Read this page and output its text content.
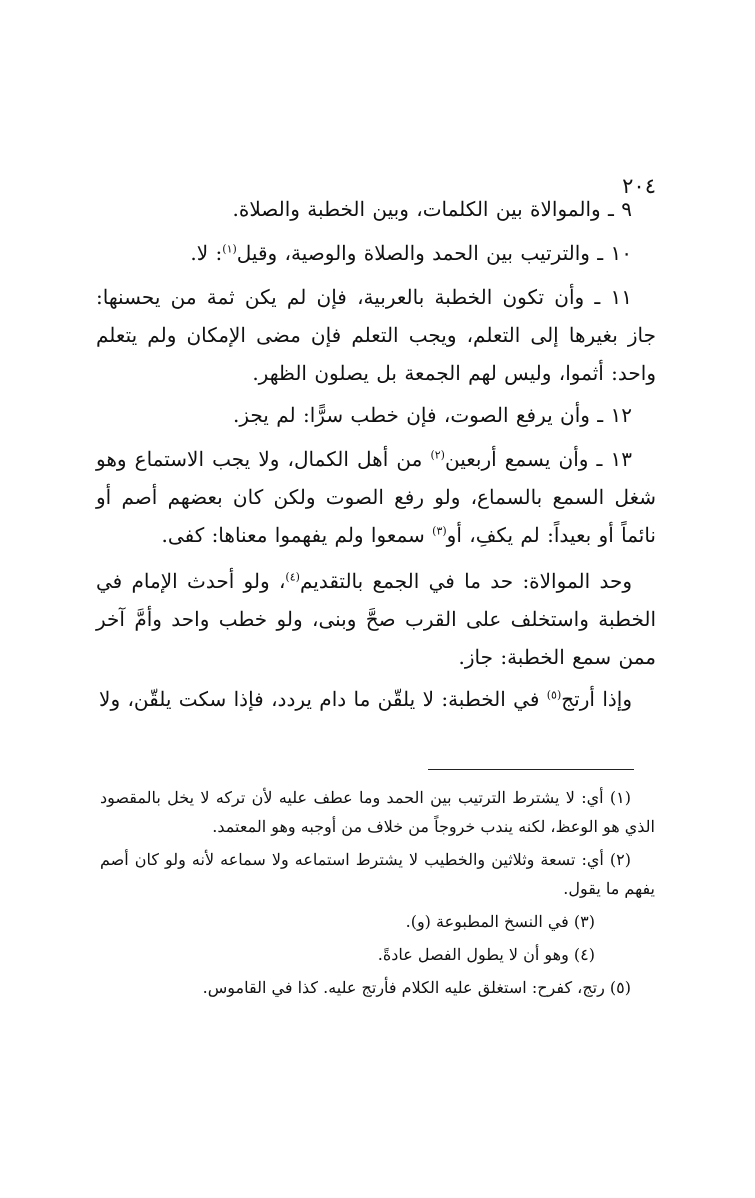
٢٠٤

٩ ـ والموالاة بين الكلمات، وبين الخطبة والصلاة.

١٠ ـ والترتيب بين الحمد والصلاة والوصية، وقيل$^{(١)}$: لا.

١١ ـ وأن تكون الخطبة بالعربية، فإن لم يكن ثمة من يحسنها: جاز بغيرها إلى التعلم، ويجب التعلم فإن مضى الإمكان ولم يتعلم واحد: أثموا، وليس لهم الجمعة بل يصلون الظهر.

١٢ ـ وأن يرفع الصوت، فإن خطب سرًّا: لم يجز.

١٣ ـ وأن يسمع أربعين$^{(٢)}$ من أهل الكمال، ولا يجب الاستماع وهو شغل السمع بالسماع، ولو رفع الصوت ولكن كان بعضهم أصم أو نائماً أو بعيداً: لم يكفِ، أو$^{(٣)}$ سمعوا ولم يفهموا معناها: كفى.

وحد الموالاة: حد ما في الجمع بالتقديم$^{(٤)}$، ولو أحدث الإمام في الخطبة واستخلف على القرب صحَّ وبنى، ولو خطب واحد وأمَّ آخر ممن سمع الخطبة: جاز.

وإذا أرتج$^{(٥)}$ في الخطبة: لا يلقّن ما دام يردد، فإذا سكت يلقّن، ولا

(١) أي: لا يشترط الترتيب بين الحمد وما عطف عليه لأن تركه لا يخل بالمقصود الذي هو الوعظ، لكنه يندب خروجاً من خلاف من أوجبه وهو المعتمد.

(٢) أي: تسعة وثلاثين والخطيب لا يشترط استماعه ولا سماعه لأنه ولو كان أصم يفهم ما يقول.

(٣) في النسخ المطبوعة (و).

(٤) وهو أن لا يطول الفصل عادةً.

(٥) رتج، كفرح: استغلق عليه الكلام فأرتج عليه. كذا في القاموس.
